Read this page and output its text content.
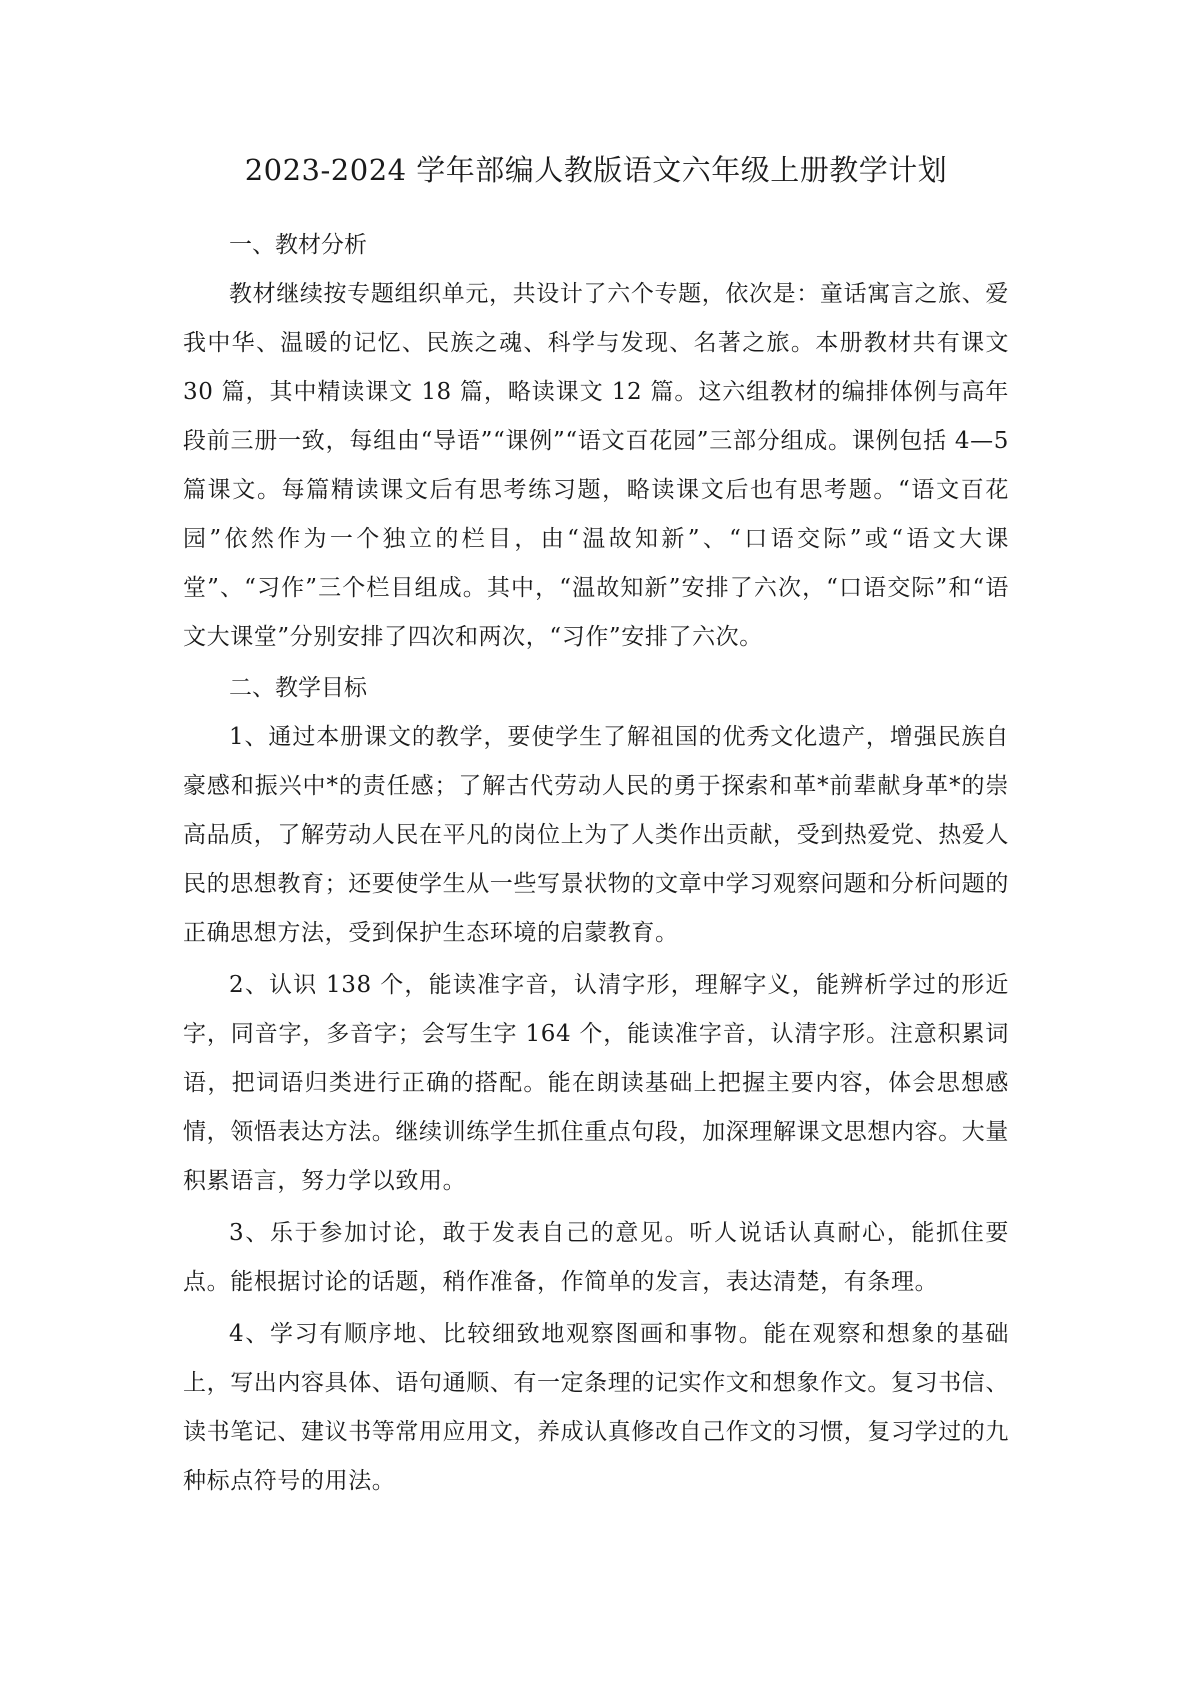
2023-2024 学年部编人教版语文六年级上册教学计划

一、教材分析

教材继续按专题组织单元，共设计了六个专题，依次是：童话寓言之旅、爱我中华、温暖的记忆、民族之魂、科学与发现、名著之旅。本册教材共有课文 30 篇，其中精读课文 18 篇，略读课文 12 篇。这六组教材的编排体例与高年段前三册一致，每组由“导语”“课例”“语文百花园”三部分组成。课例包括 4—5 篇课文。每篇精读课文后有思考练习题，略读课文后也有思考题。“语文百花园”依然作为一个独立的栏目，由“温故知新”、“口语交际”或“语文大课堂”、“习作”三个栏目组成。其中，“温故知新”安排了六次，“口语交际”和“语文大课堂”分别安排了四次和两次，“习作”安排了六次。

二、教学目标

1、通过本册课文的教学，要使学生了解祖国的优秀文化遗产，增强民族自豪感和振兴中*的责任感；了解古代劳动人民的勇于探索和革*前辈献身革*的崇高品质，了解劳动人民在平凡的岗位上为了人类作出贡献，受到热爱党、热爱人民的思想教育；还要使学生从一些写景状物的文章中学习观察问题和分析问题的正确思想方法，受到保护生态环境的启蒙教育。

2、认识 138 个，能读准字音，认清字形，理解字义，能辨析学过的形近字，同音字，多音字；会写生字 164 个，能读准字音，认清字形。注意积累词语，把词语归类进行正确的搭配。能在朗读基础上把握主要内容，体会思想感情，领悟表达方法。继续训练学生抓住重点句段，加深理解课文思想内容。大量积累语言，努力学以致用。

3、乐于参加讨论，敢于发表自己的意见。听人说话认真耐心，能抓住要点。能根据讨论的话题，稍作准备，作简单的发言，表达清楚，有条理。

4、学习有顺序地、比较细致地观察图画和事物。能在观察和想象的基础上，写出内容具体、语句通顺、有一定条理的记实作文和想象作文。复习书信、读书笔记、建议书等常用应用文，养成认真修改自己作文的习惯，复习学过的九种标点符号的用法。
